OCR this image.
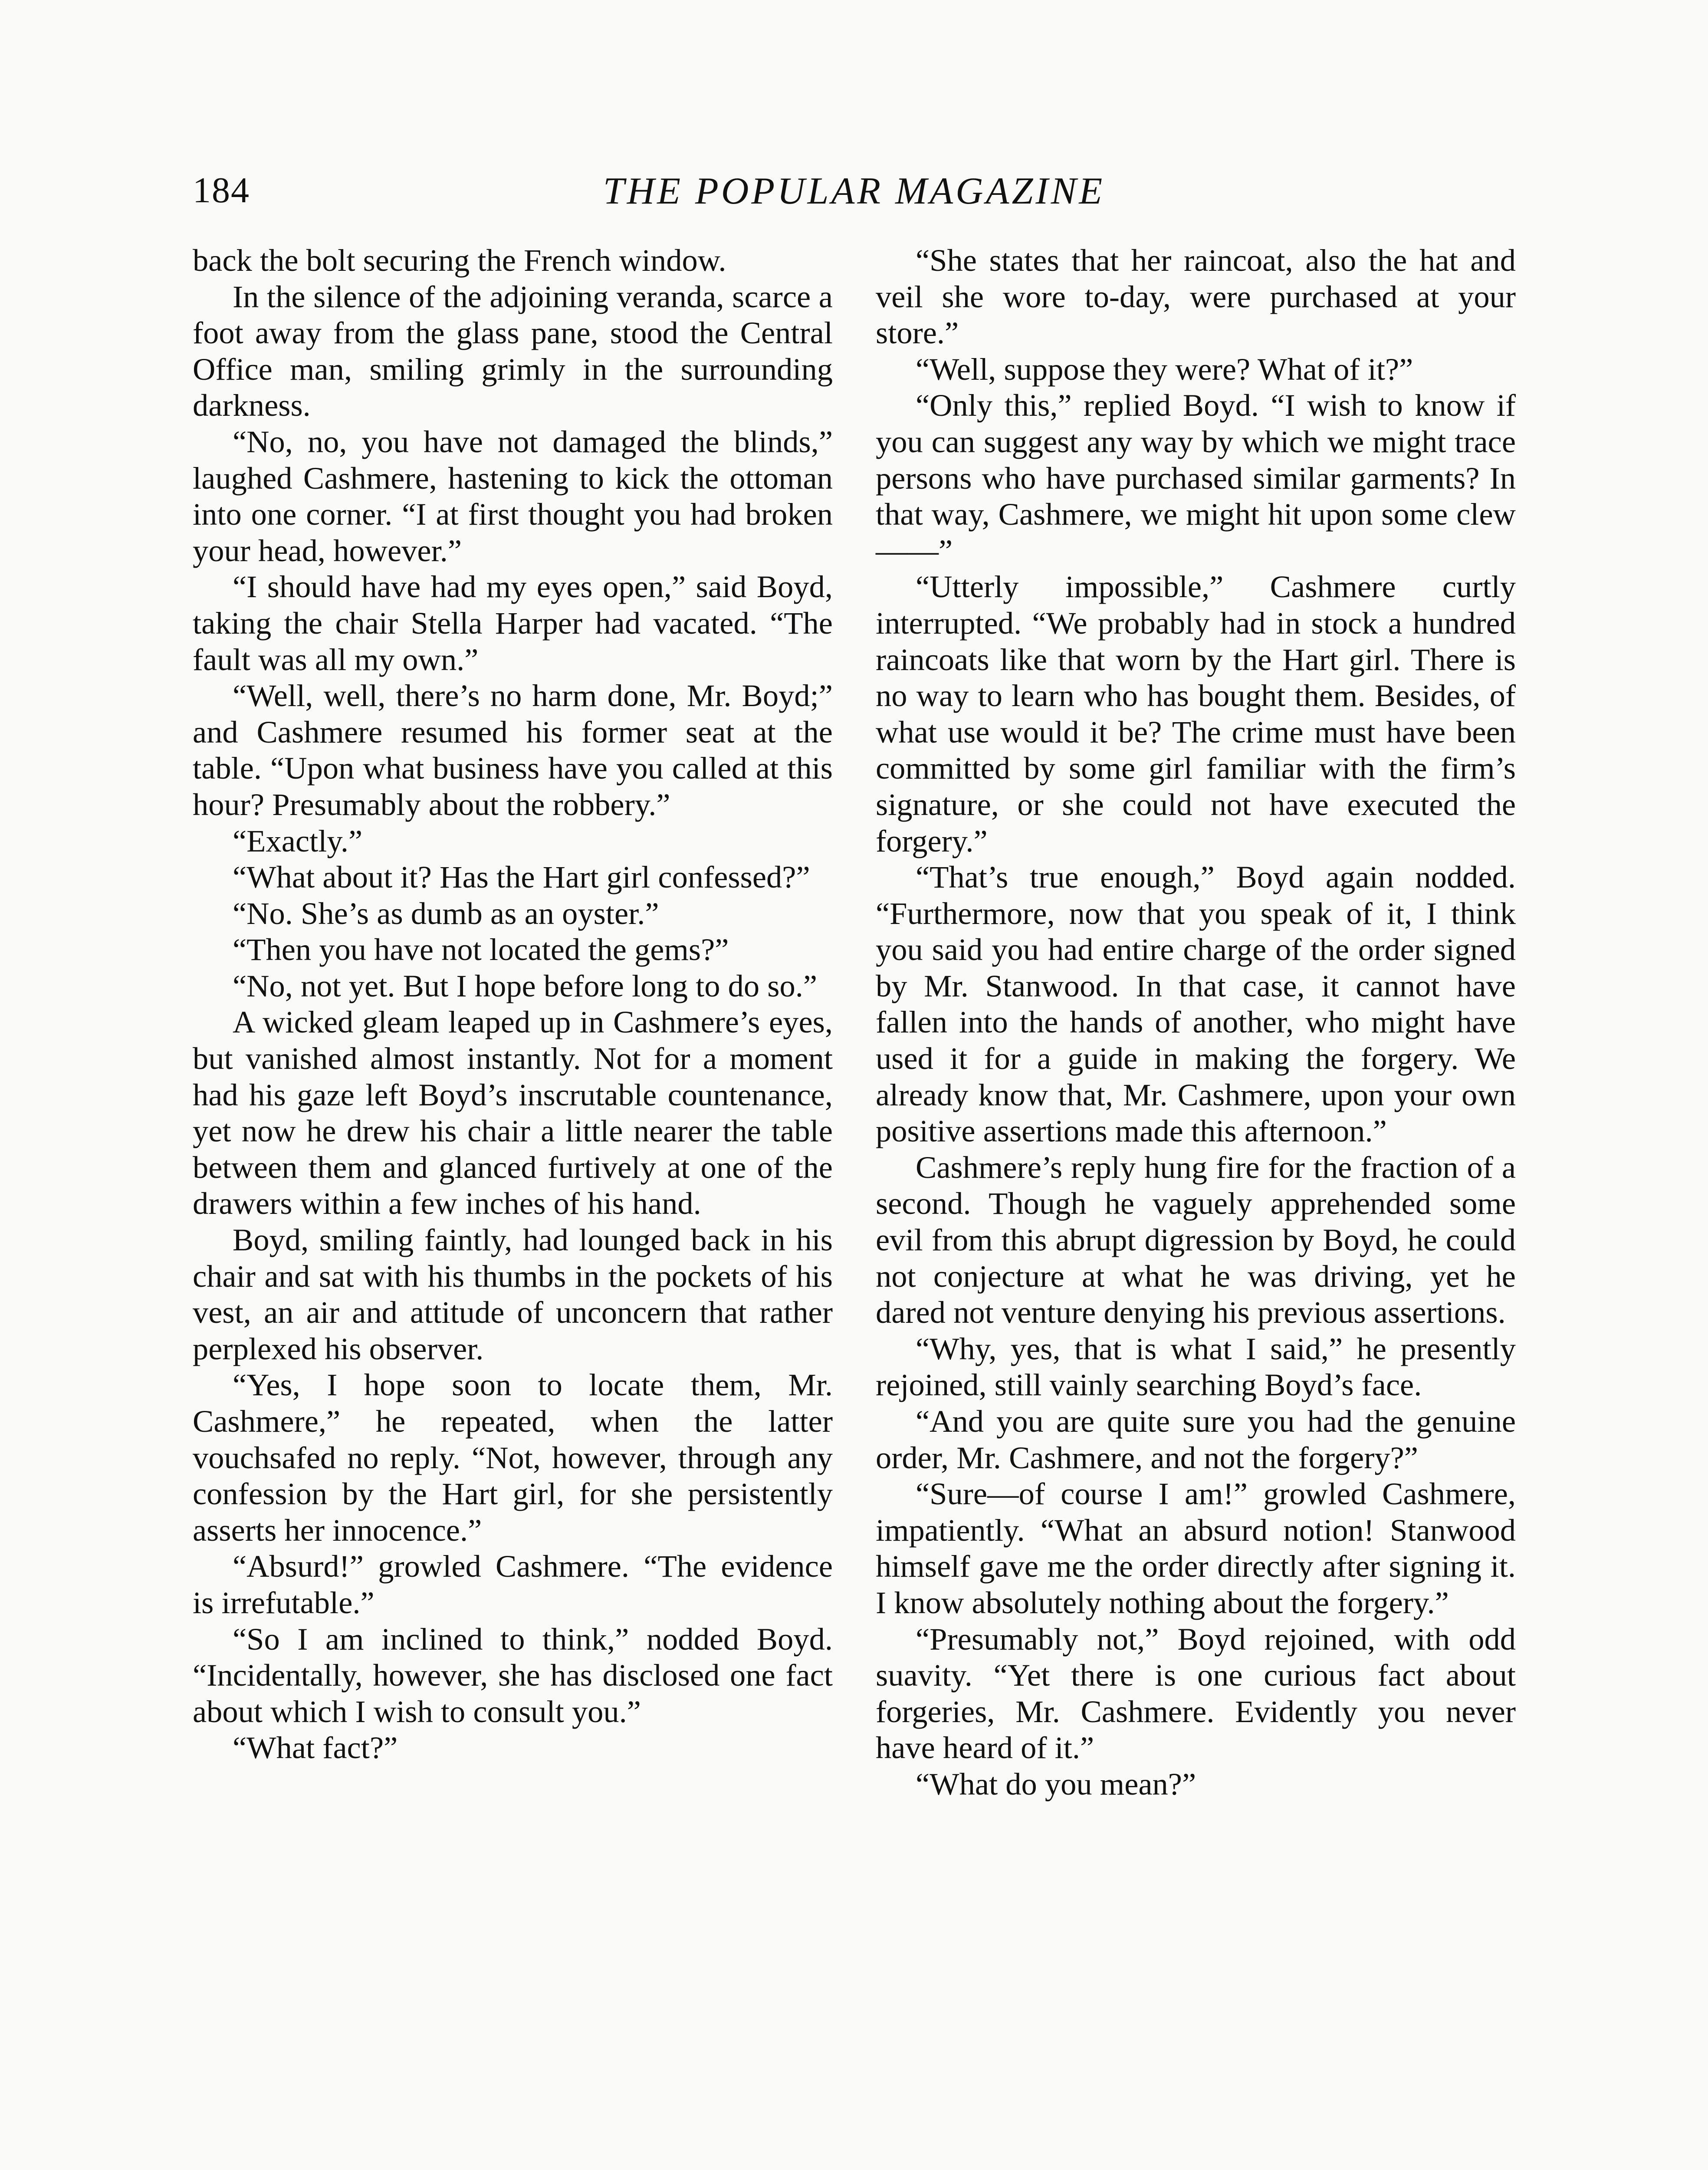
184	THE POPULAR MAGAZINE

back the bolt securing the French window.

In the silence of the adjoining veranda, scarce a foot away from the glass pane, stood the Central Office man, smiling grimly in the surrounding darkness.

“No, no, you have not damaged the blinds,” laughed Cashmere, hastening to kick the ottoman into one corner. “I at first thought you had broken your head, however.”

“I should have had my eyes open,” said Boyd, taking the chair Stella Harper had vacated. “The fault was all my own.”

“Well, well, there’s no harm done, Mr. Boyd;” and Cashmere resumed his former seat at the table. “Upon what business have you called at this hour? Presumably about the robbery.”

“Exactly.”

“What about it? Has the Hart girl confessed?”

“No. She’s as dumb as an oyster.”

“Then you have not located the gems?”

“No, not yet. But I hope before long to do so.”

A wicked gleam leaped up in Cashmere’s eyes, but vanished almost instantly. Not for a moment had his gaze left Boyd’s inscrutable countenance, yet now he drew his chair a little nearer the table between them and glanced furtively at one of the drawers within a few inches of his hand.

Boyd, smiling faintly, had lounged back in his chair and sat with his thumbs in the pockets of his vest, an air and attitude of unconcern that rather perplexed his observer.

“Yes, I hope soon to locate them, Mr. Cashmere,” he repeated, when the latter vouchsafed no reply. “Not, however, through any confession by the Hart girl, for she persistently asserts her innocence.”

“Absurd!” growled Cashmere. “The evidence is irrefutable.”

“So I am inclined to think,” nodded Boyd. “Incidentally, however, she has disclosed one fact about which I wish to consult you.”

“What fact?”

“She states that her raincoat, also the hat and veil she wore to-day, were purchased at your store.”

“Well, suppose they were? What of it?”

“Only this,” replied Boyd. “I wish to know if you can suggest any way by which we might trace persons who have purchased similar garments? In that way, Cashmere, we might hit upon some clew——”

“Utterly impossible,” Cashmere curtly interrupted. “We probably had in stock a hundred raincoats like that worn by the Hart girl. There is no way to learn who has bought them. Besides, of what use would it be? The crime must have been committed by some girl familiar with the firm’s signature, or she could not have executed the forgery.”

“That’s true enough,” Boyd again nodded. “Furthermore, now that you speak of it, I think you said you had entire charge of the order signed by Mr. Stanwood. In that case, it cannot have fallen into the hands of another, who might have used it for a guide in making the forgery. We already know that, Mr. Cashmere, upon your own positive assertions made this afternoon.”

Cashmere’s reply hung fire for the fraction of a second. Though he vaguely apprehended some evil from this abrupt digression by Boyd, he could not conjecture at what he was driving, yet he dared not venture denying his previous assertions.

“Why, yes, that is what I said,” he presently rejoined, still vainly searching Boyd’s face.

“And you are quite sure you had the genuine order, Mr. Cashmere, and not the forgery?”

“Sure—of course I am!” growled Cashmere, impatiently. “What an absurd notion! Stanwood himself gave me the order directly after signing it. I know absolutely nothing about the forgery.”

“Presumably not,” Boyd rejoined, with odd suavity. “Yet there is one curious fact about forgeries, Mr. Cashmere. Evidently you never have heard of it.”

“What do you mean?”
